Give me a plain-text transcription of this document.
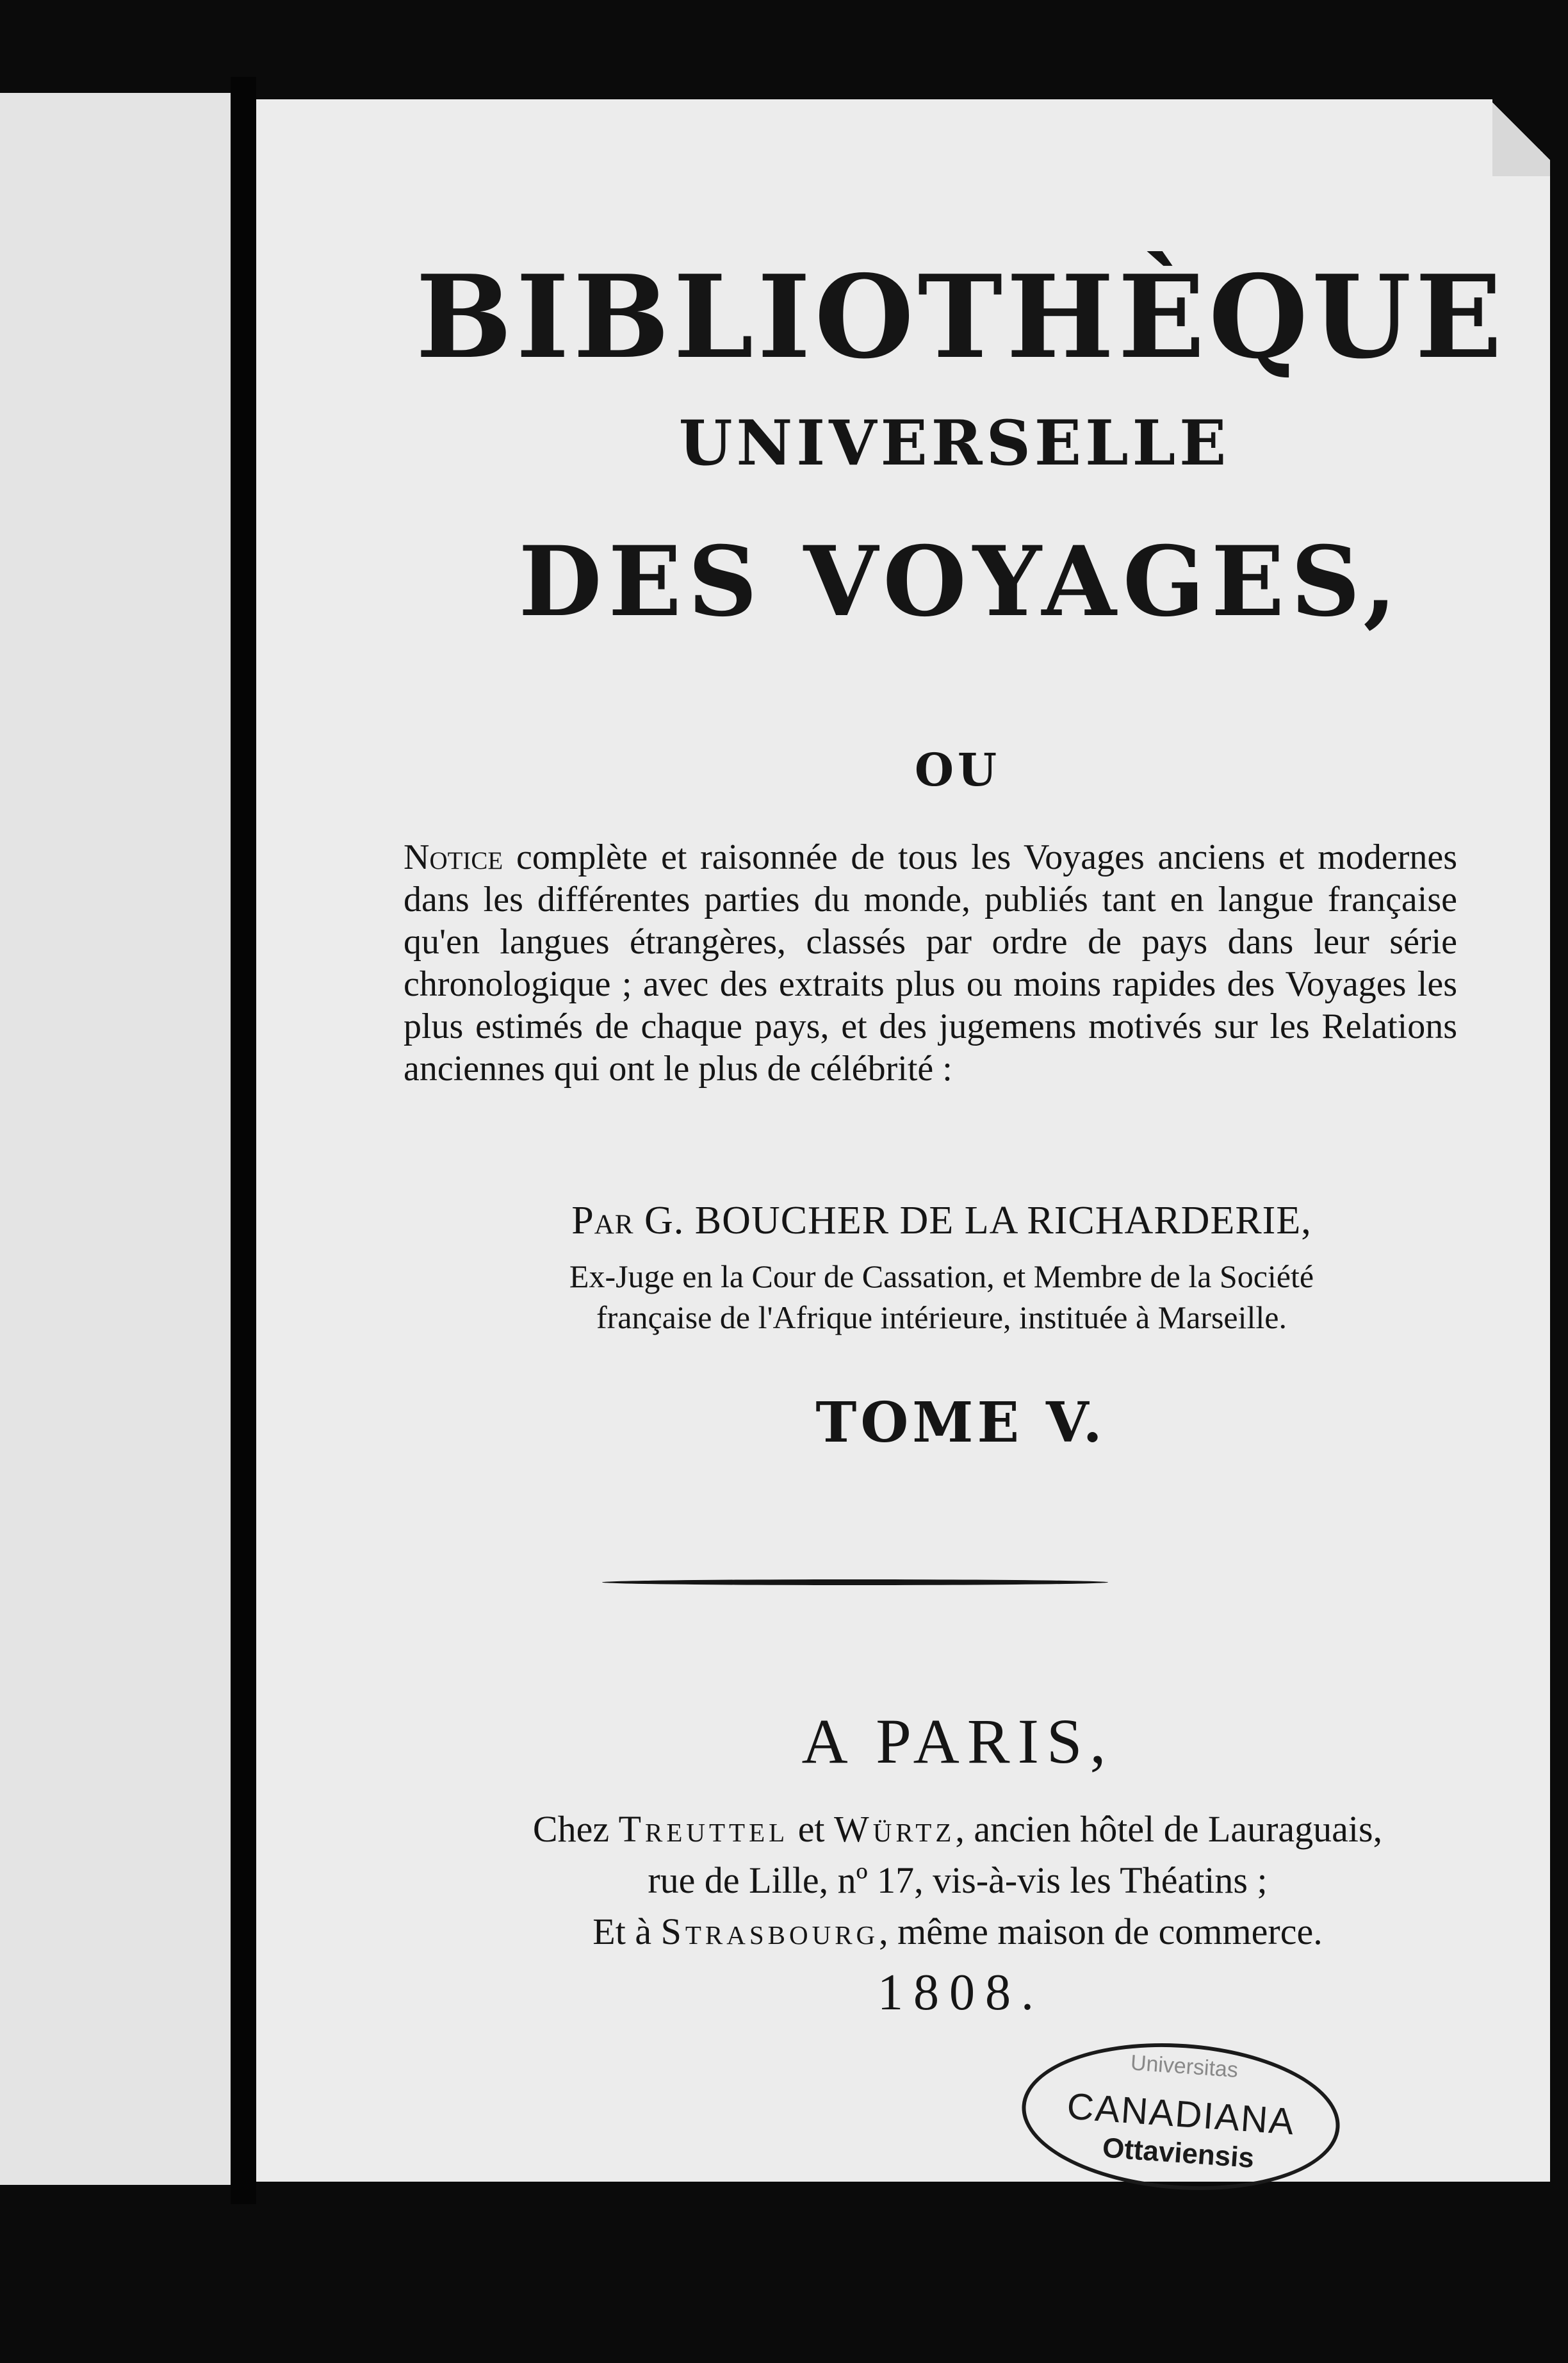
BIBLIOTHÈQUE
UNIVERSELLE
DES VOYAGES,
OU
Notice complète et raisonnée de tous les Voyages anciens et modernes dans les différentes parties du monde, publiés tant en langue française qu'en langues étrangères, classés par ordre de pays dans leur série chronologique ; avec des extraits plus ou moins rapides des Voyages les plus estimés de chaque pays, et des jugemens motivés sur les Relations anciennes qui ont le plus de célébrité :
Par G. BOUCHER DE LA RICHARDERIE,
Ex-Juge en la Cour de Cassation, et Membre de la Société
française de l'Afrique intérieure, instituée à Marseille.
TOME V.
A PARIS,
Chez Treuttel et Würtz, ancien hôtel de Lauraguais,
rue de Lille, nº 17, vis-à-vis les Théatins ;
Et à Strasbourg, même maison de commerce.
1808.
Universitas
CANADIANA
Ottaviensis
